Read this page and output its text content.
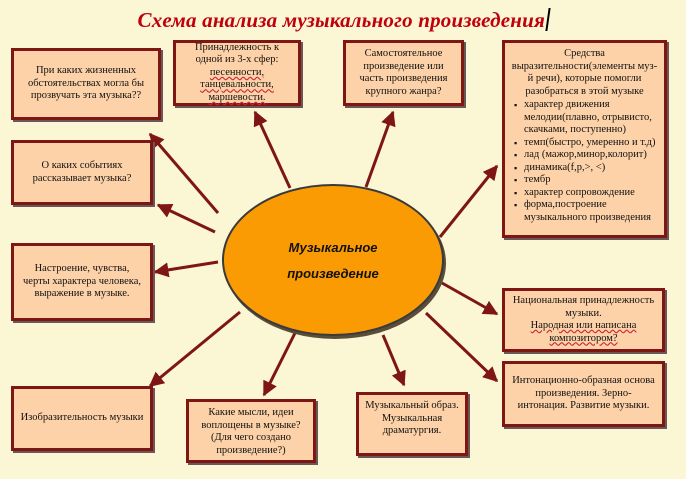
Схема анализа музыкального произведения
Музыкальное
произведение
При каких жизненных обстоятельствах могла бы прозвучать эта музыка??
Принадлежность к одной из 3-х сфер: песенности, танцевальности, маршевости.
Самостоятельное произведение или часть произведения крупного жанра?
Средства выразительности(элементы муз-й речи), которые помогли разобраться в этой музыке
▪ характер движения мелодии(плавно, отрывисто, скачками, поступенно)
▪ темп(быстро, умеренно и т.д)
▪ лад (мажор,минор,колорит)
▪ динамика(f,p,>, <)
▪ тембр
▪ характер сопровождение
▪ форма,построение музыкального произведения
О каких событиях рассказывает музыка?
Настроение, чувства, черты характера человека, выражение в музыке.
Национальная принадлежность музыки.
Народная или написана композитором?
Интонационно-образная основа произведения. Зерно-интонация. Развитие музыки.
Изобразительность музыки	Какие мысли, идеи воплощены в музыке? (Для чего создано произведение?)
Музыкальный образ. Музыкальная драматургия.
